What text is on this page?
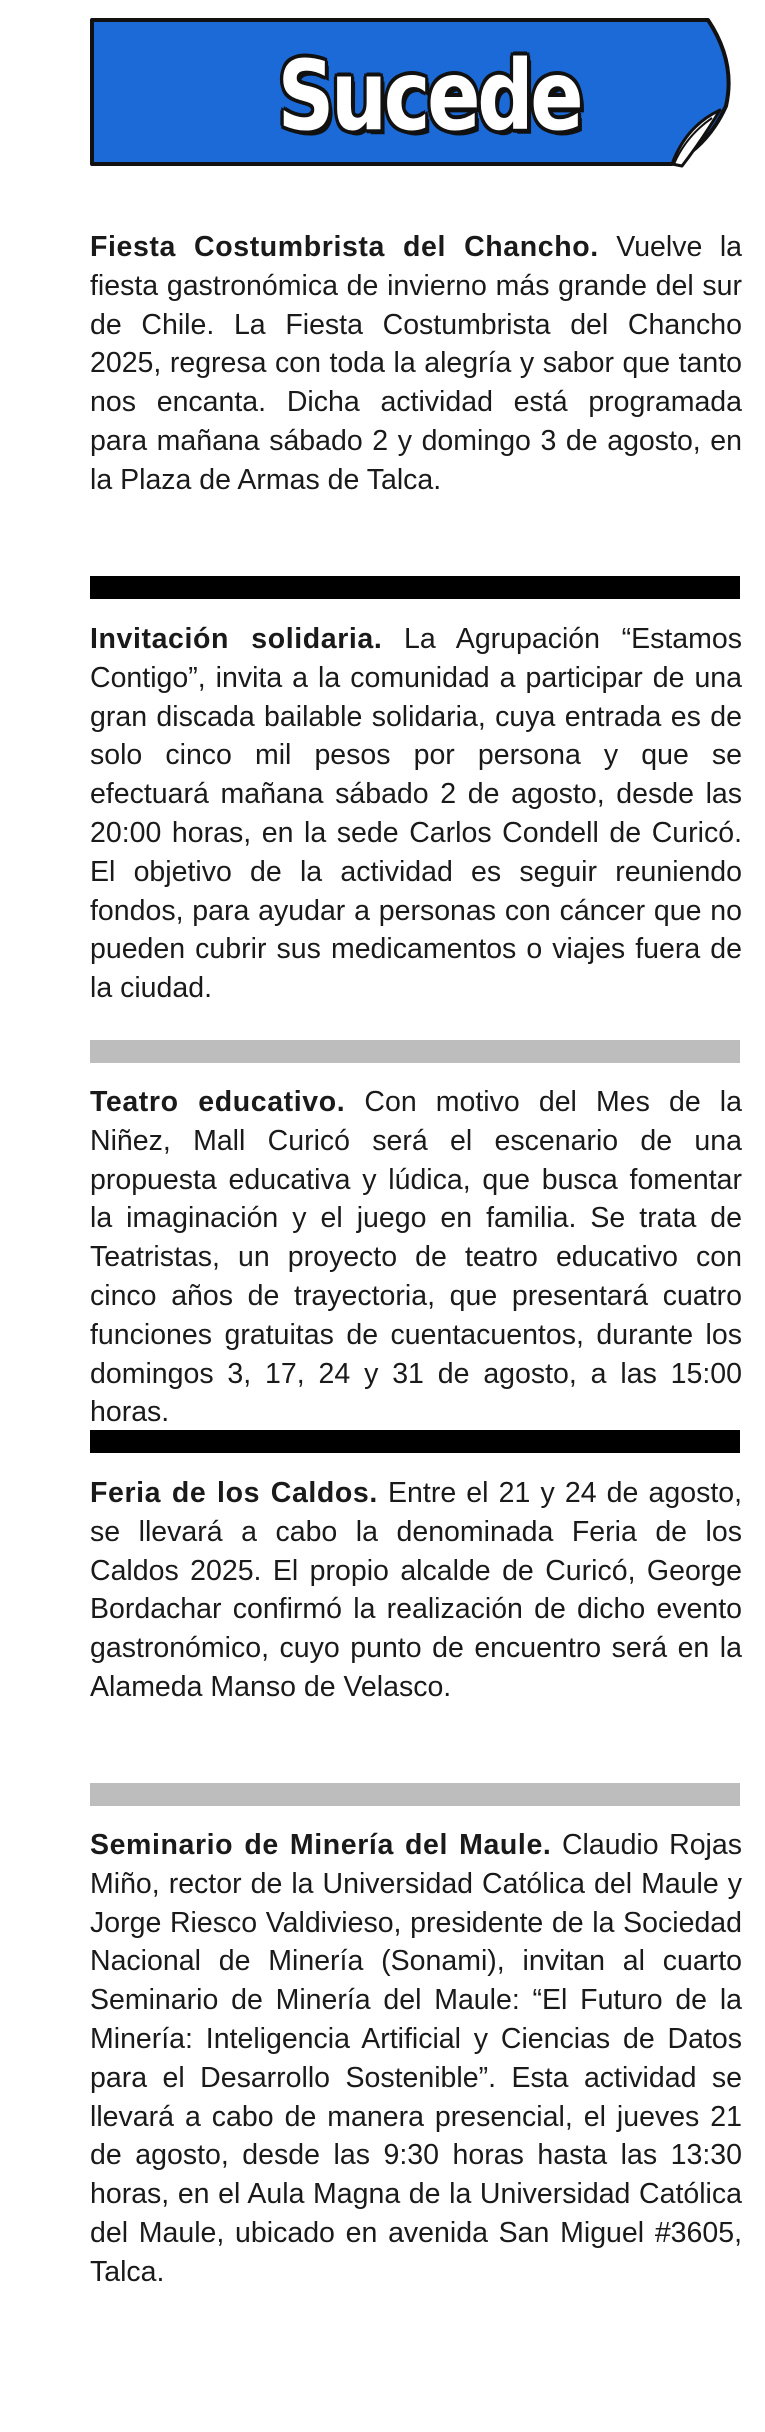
Sucede

Fiesta Costumbrista del Chancho. Vuelve la fiesta gastronómica de invierno más grande del sur de Chile. La Fiesta Costumbrista del Chancho 2025, regresa con toda la alegría y sabor que tanto nos encanta. Dicha actividad está programada para mañana sábado 2 y domingo 3 de agosto, en la Plaza de Armas de Talca.

Invitación solidaria. La Agrupación “Estamos Contigo”, invita a la comunidad a participar de una gran discada bailable solidaria, cuya entrada es de solo cinco mil pesos por persona y que se efectuará mañana sábado 2 de agosto, desde las 20:00 horas, en la sede Carlos Condell de Curicó. El objetivo de la actividad es seguir reuniendo fondos, para ayudar a personas con cáncer que no pueden cubrir sus medicamentos o viajes fuera de la ciudad.

Teatro educativo. Con motivo del Mes de la Niñez, Mall Curicó será el escenario de una propuesta educativa y lúdica, que busca fomentar la imaginación y el juego en familia. Se trata de Teatristas, un proyecto de teatro educativo con cinco años de trayectoria, que presentará cuatro funciones gratuitas de cuentacuentos, durante los domingos 3, 17, 24 y 31 de agosto, a las 15:00 horas.

Feria de los Caldos. Entre el 21 y 24 de agosto, se llevará a cabo la denominada Feria de los Caldos 2025. El propio alcalde de Curicó, George Bordachar confirmó la realización de dicho evento gastronómico, cuyo punto de encuentro será en la Alameda Manso de Velasco.

Seminario de Minería del Maule. Claudio Rojas Miño, rector de la Universidad Católica del Maule y Jorge Riesco Valdivieso, presidente de la Sociedad Nacional de Minería (Sonami), invitan al cuarto Seminario de Minería del Maule: “El Futuro de la Minería: Inteligencia Artificial y Ciencias de Datos para el Desarrollo Sostenible”. Esta actividad se llevará a cabo de manera presencial, el jueves 21 de agosto, desde las 9:30 horas hasta las 13:30 horas, en el Aula Magna de la Universidad Católica del Maule, ubicado en avenida San Miguel #3605, Talca.
